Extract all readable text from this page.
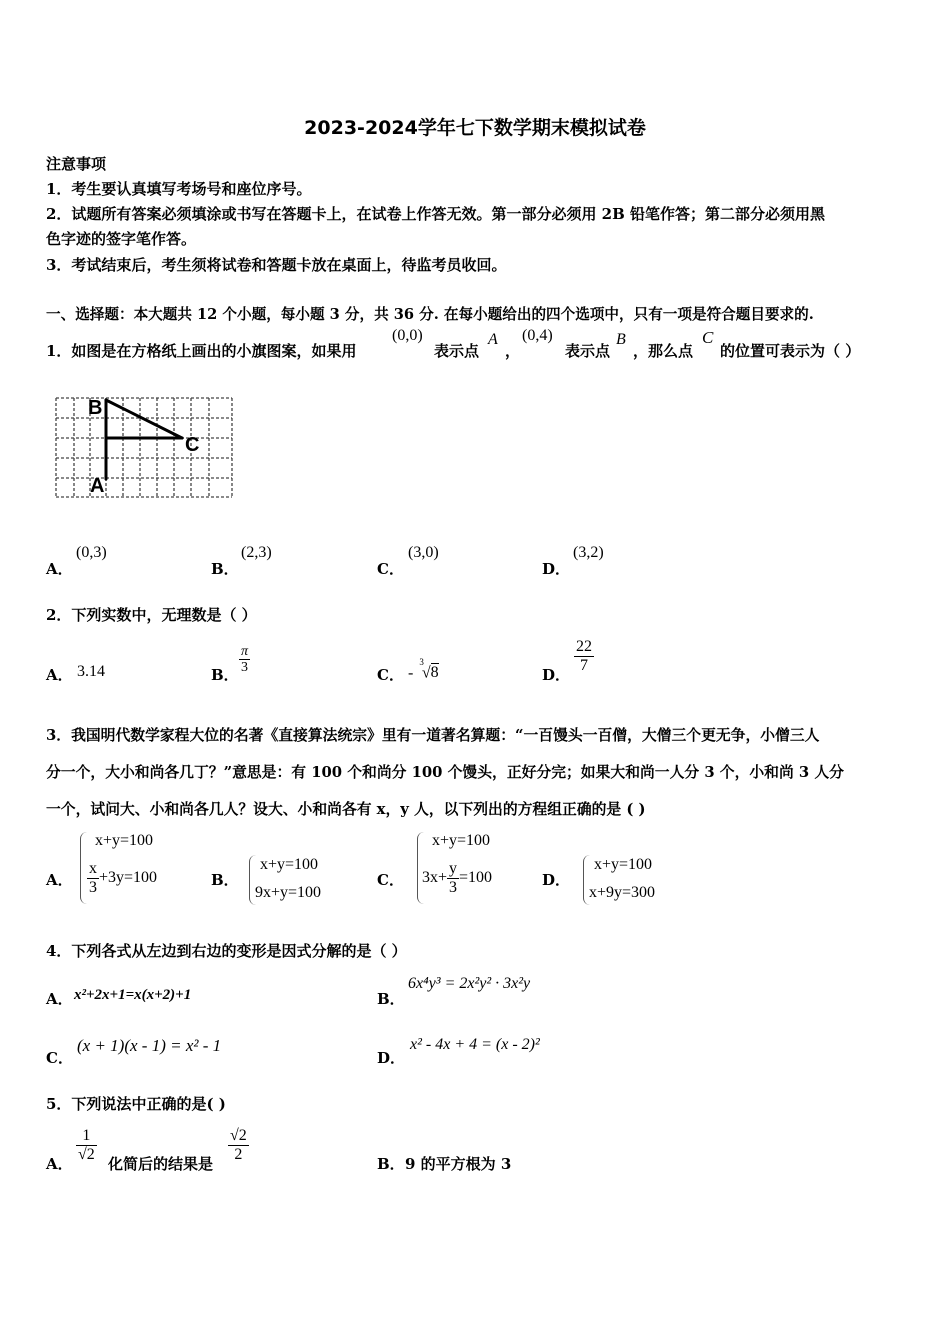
2023-2024学年七下数学期末模拟试卷
注意事项
1．考生要认真填写考场号和座位序号。
2．试题所有答案必须填涂或书写在答题卡上，在试卷上作答无效。第一部分必须用 2B 铅笔作答；第二部分必须用黑
色字迹的签字笔作答。
3．考试结束后，考生须将试卷和答题卡放在桌面上，待监考员收回。
一、选择题：本大题共 12 个小题，每小题 3 分，共 36 分. 在每小题给出的四个选项中，只有一项是符合题目要求的.
1．如图是在方格纸上画出的小旗图案，如果用
(0,0)
表示点
A
，
(0,4)
表示点
B
，那么点
C
的位置可表示为（ ）
B
C
A
A．
(0,3)
B．
(2,3)
C．
(3,0)
D．
(3,2)
2．下列实数中，无理数是（ ）
A． 3.14	B． $\frac{\pi}{3}$	C． - $^3$√8	D．
$\frac{22}{7}$
3．我国明代数学家程大位的名著《直接算法统宗》里有一道著名算题：“一百馒头一百僧，大僧三个更无争，小僧三人
分一个，大小和尚各几丁？”意思是：有 100 个和尚分 100 个馒头，正好分完；如果大和尚一人分 3 个，小和尚 3 人分
一个，试问大、小和尚各几人？设大、小和尚各有 x，y 人，以下列出的方程组正确的是 ( )
A．
x+y=100
$\frac{x}{3} +3y=100$	B．
x+y=100
9x+y=100
C．
x+y=100
$3x+ \frac{y}{3} =100$	D．
x+y=100
x+9y=300
4．下列各式从左边到右边的变形是因式分解的是（ ）
A． x²+2x+1=x(x+2)+1	B．
6x⁴y³ = 2x²y² · 3x²y
C．
(x + 1)(x - 1) = x² - 1
D．
x² - 4x + 4 = (x - 2)²
5．下列说法中正确的是( )
A．
$\frac{1}{√2}$
化简后的结果是
$\frac{√2}{2}$
B． 9 的平方根为 3
